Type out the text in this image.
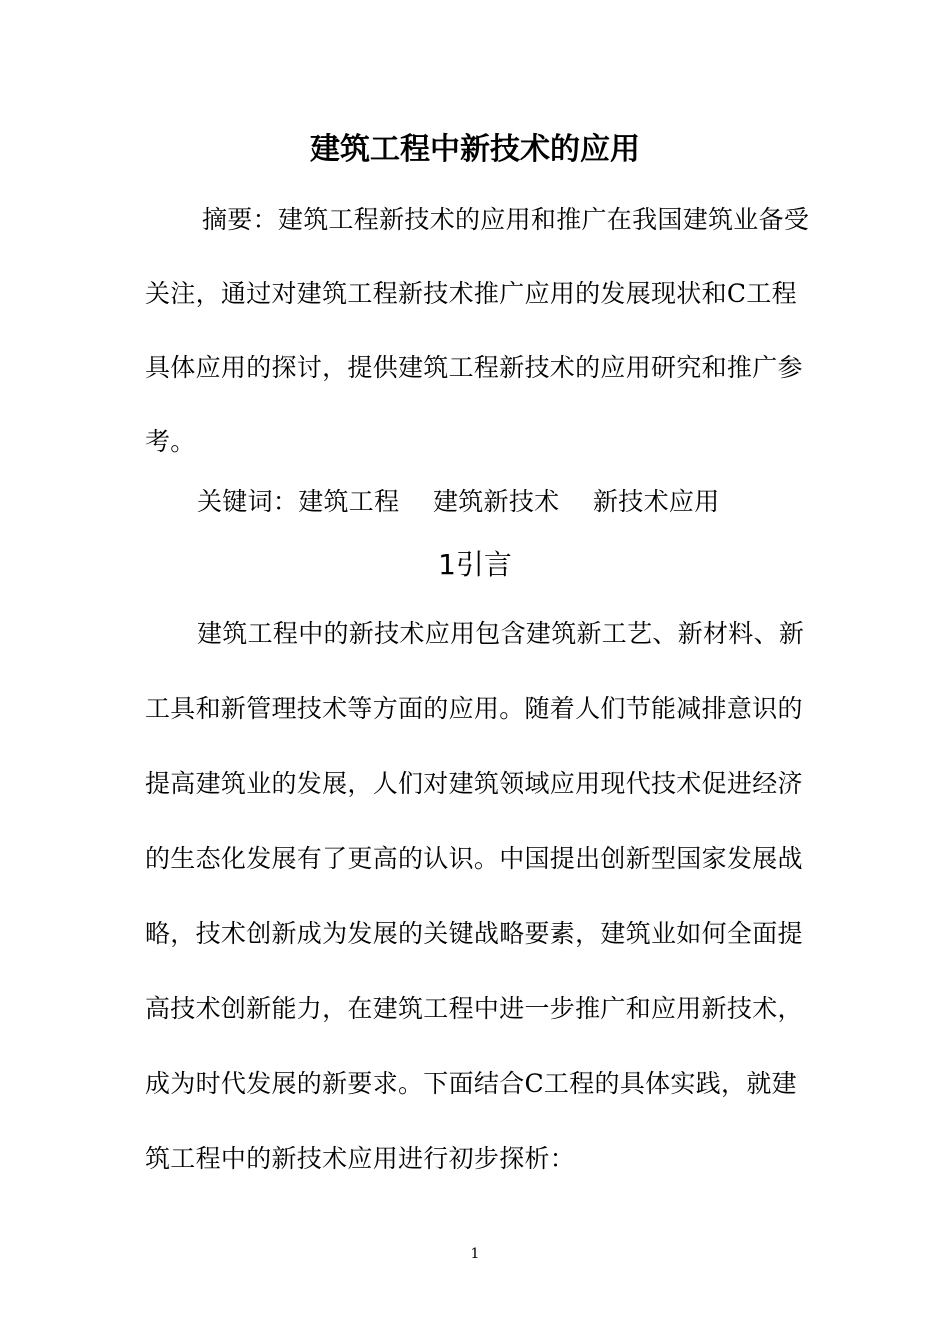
建筑工程中新技术的应用

摘要：建筑工程新技术的应用和推广在我国建筑业备受关注，通过对建筑工程新技术推广应用的发展现状和C工程具体应用的探讨，提供建筑工程新技术的应用研究和推广参考。

关键词：建筑工程　 建筑新技术　 新技术应用

1引言

建筑工程中的新技术应用包含建筑新工艺、新材料、新工具和新管理技术等方面的应用。随着人们节能减排意识的提高建筑业的发展，人们对建筑领域应用现代技术促进经济的生态化发展有了更高的认识。中国提出创新型国家发展战略，技术创新成为发展的关键战略要素，建筑业如何全面提高技术创新能力，在建筑工程中进一步推广和应用新技术，成为时代发展的新要求。下面结合C工程的具体实践，就建筑工程中的新技术应用进行初步探析：

1
